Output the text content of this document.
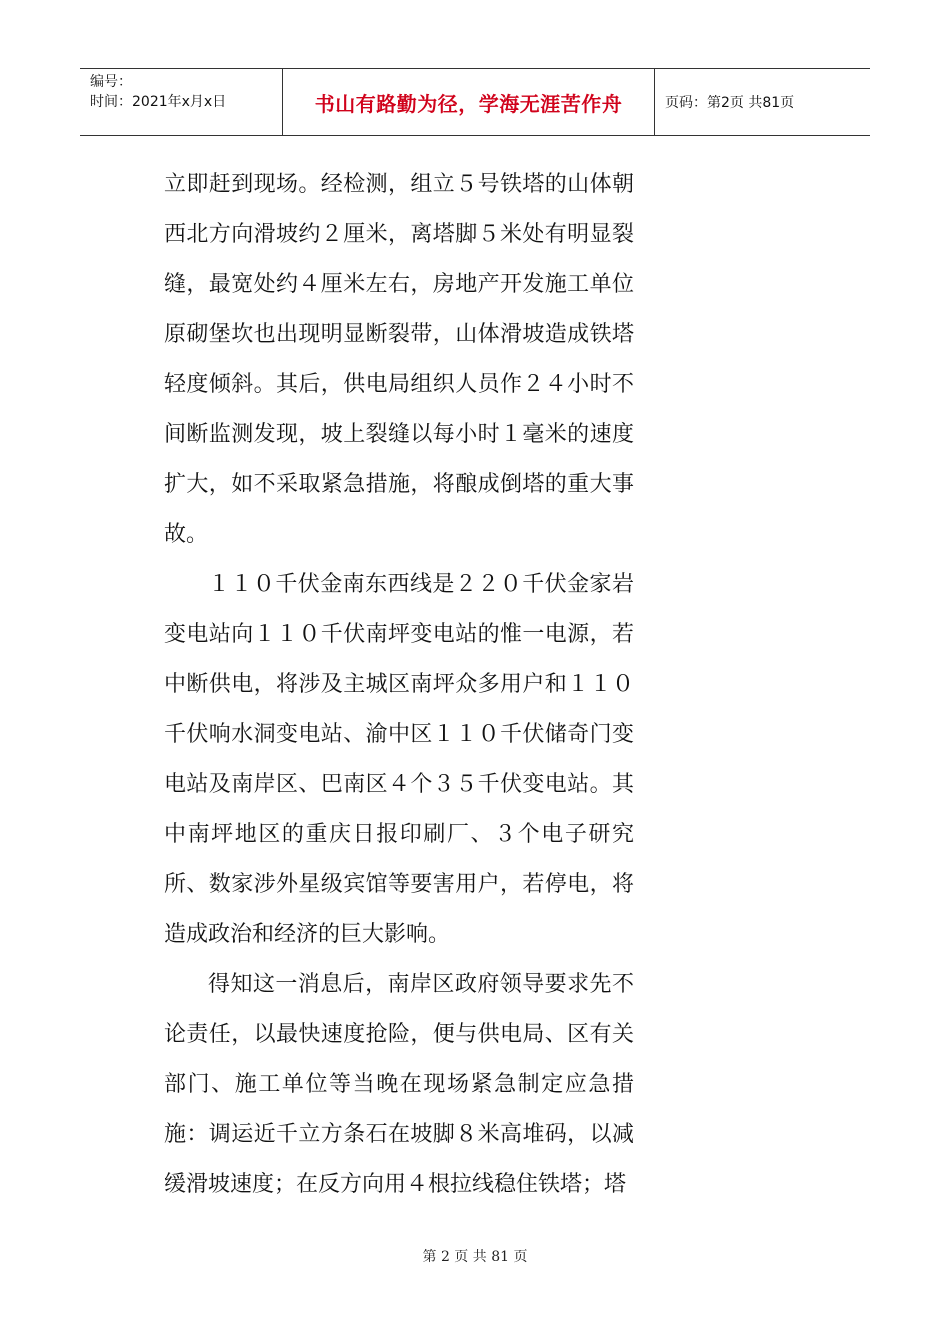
编号：
时间：2021年x月x日	书山有路勤为径，学海无涯苦作舟	页码：第2页 共81页

立即赶到现场。经检测，组立５号铁塔的山体朝西北方向滑坡约２厘米，离塔脚５米处有明显裂缝，最宽处约４厘米左右，房地产开发施工单位原砌堡坎也出现明显断裂带，山体滑坡造成铁塔轻度倾斜。其后，供电局组织人员作２４小时不间断监测发现，坡上裂缝以每小时１毫米的速度扩大，如不采取紧急措施，将酿成倒塔的重大事故。

１１０千伏金南东西线是２２０千伏金家岩变电站向１１０千伏南坪变电站的惟一电源，若中断供电，将涉及主城区南坪众多用户和１１０千伏响水洞变电站、渝中区１１０千伏储奇门变电站及南岸区、巴南区４个３５千伏变电站。其中南坪地区的重庆日报印刷厂、３个电子研究所、数家涉外星级宾馆等要害用户，若停电，将造成政治和经济的巨大影响。

得知这一消息后，南岸区政府领导要求先不论责任，以最快速度抢险，便与供电局、区有关部门、施工单位等当晚在现场紧急制定应急措施：调运近千立方条石在坡脚８米高堆码，以减缓滑坡速度；在反方向用４根拉线稳住铁塔；塔

第 2 页 共 81 页
